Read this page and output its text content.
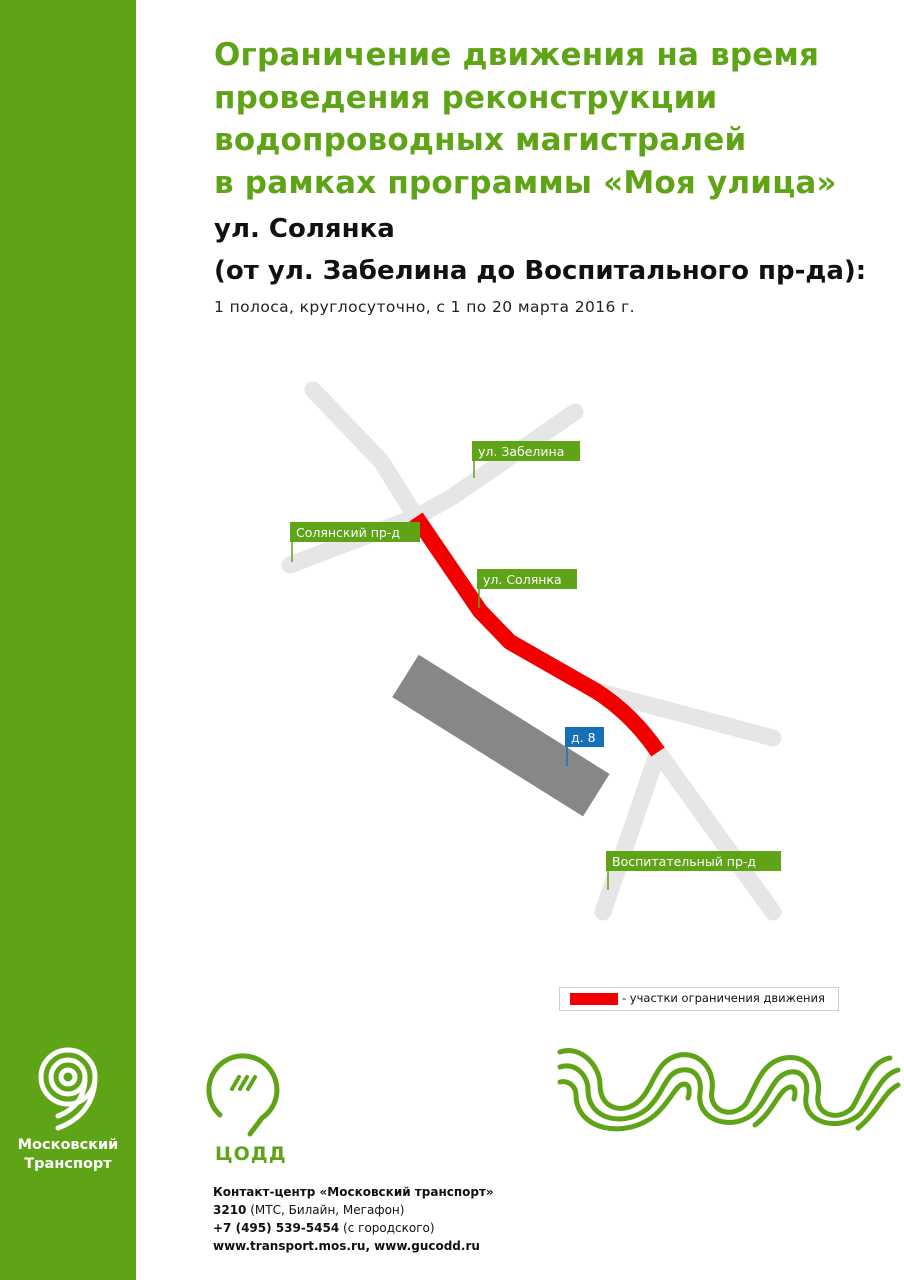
Ограничение движения на время
проведения реконструкции
водопроводных магистралей
в рамках программы «Моя улица»
ул. Солянка
(от ул. Забелина до Воспитального пр-да):
1 полоса, круглосуточно, с 1 по 20 марта 2016 г.
ул. Забелина
Солянский пр-д
ул. Солянка
д. 8
Воспитательный пр-д
- участки ограничения движения
Московский
Транспорт	ЦОДД
Контакт-центр «Московский транспорт»
3210 (МТС, Билайн, Мегафон)
+7 (495) 539-5454 (с городского)
www.transport.mos.ru, www.gucodd.ru
